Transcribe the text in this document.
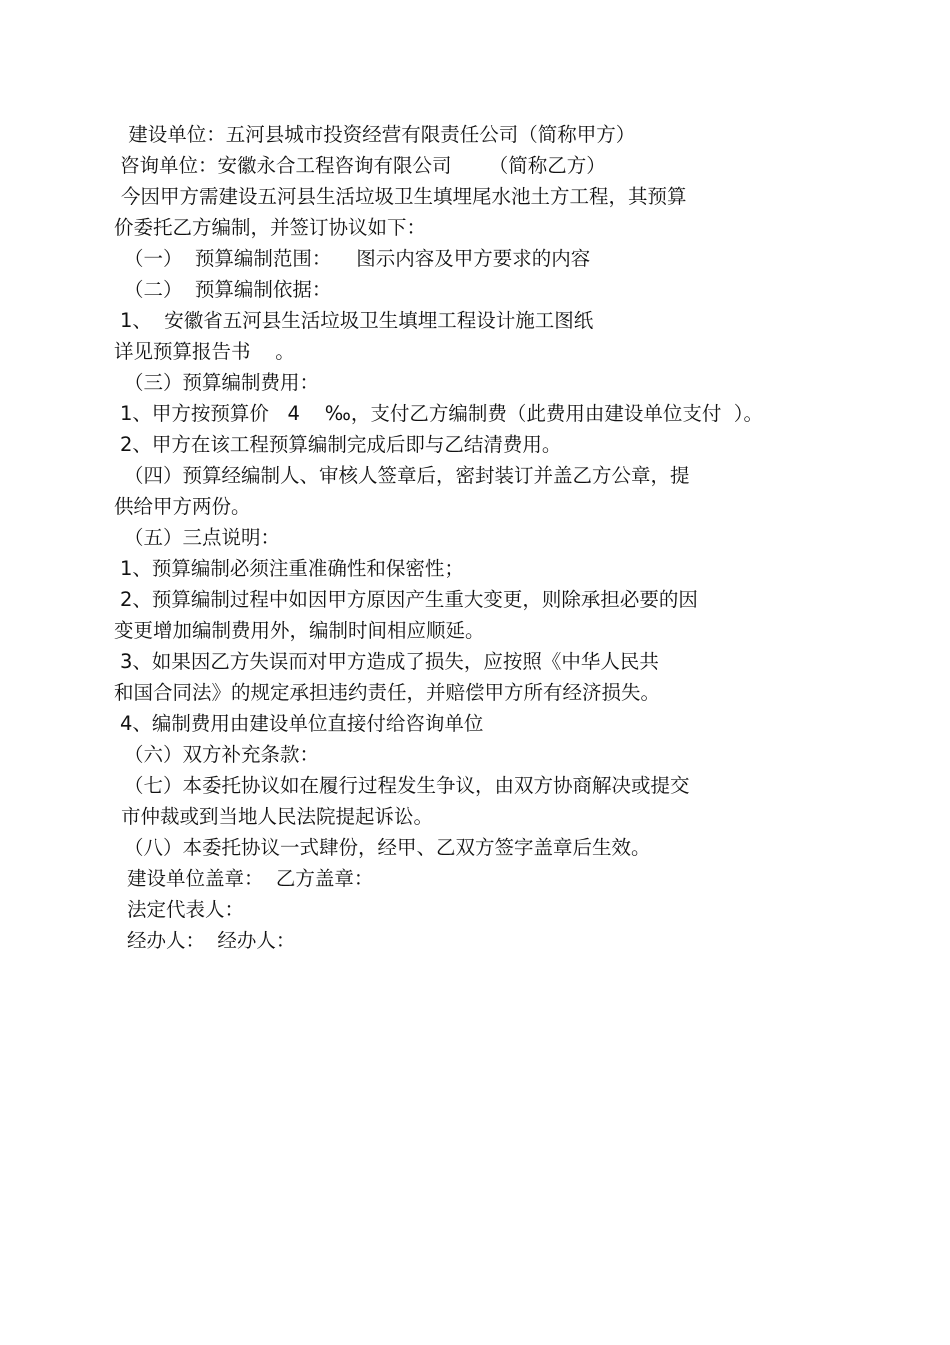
建设单位：五河县城市投资经营有限责任公司（简称甲方）
咨询单位：安徽永合工程咨询有限公司      （简称乙方）
今因甲方需建设五河县生活垃圾卫生填埋尾水池土方工程，其预算
价委托乙方编制，并签订协议如下：
（一）  预算编制范围：    图示内容及甲方要求的内容
（二）  预算编制依据：
1、  安徽省五河县生活垃圾卫生填埋工程设计施工图纸
详见预算报告书    。
（三）预算编制费用：
1、甲方按预算价   4    ‰，支付乙方编制费（此费用由建设单位支付  ）。
2、甲方在该工程预算编制完成后即与乙结清费用。
（四）预算经编制人、审核人签章后，密封装订并盖乙方公章，提
供给甲方两份。
（五）三点说明：
1、预算编制必须注重准确性和保密性；
2、预算编制过程中如因甲方原因产生重大变更，则除承担必要的因
变更增加编制费用外，编制时间相应顺延。
3、如果因乙方失误而对甲方造成了损失，应按照《中华人民共
和国合同法》的规定承担违约责任，并赔偿甲方所有经济损失。
4、编制费用由建设单位直接付给咨询单位
（六）双方补充条款：
（七）本委托协议如在履行过程发生争议，由双方协商解决或提交
市仲裁或到当地人民法院提起诉讼。
（八）本委托协议一式肆份，经甲、乙双方签字盖章后生效。
建设单位盖章：  乙方盖章：
法定代表人：
经办人：  经办人：
